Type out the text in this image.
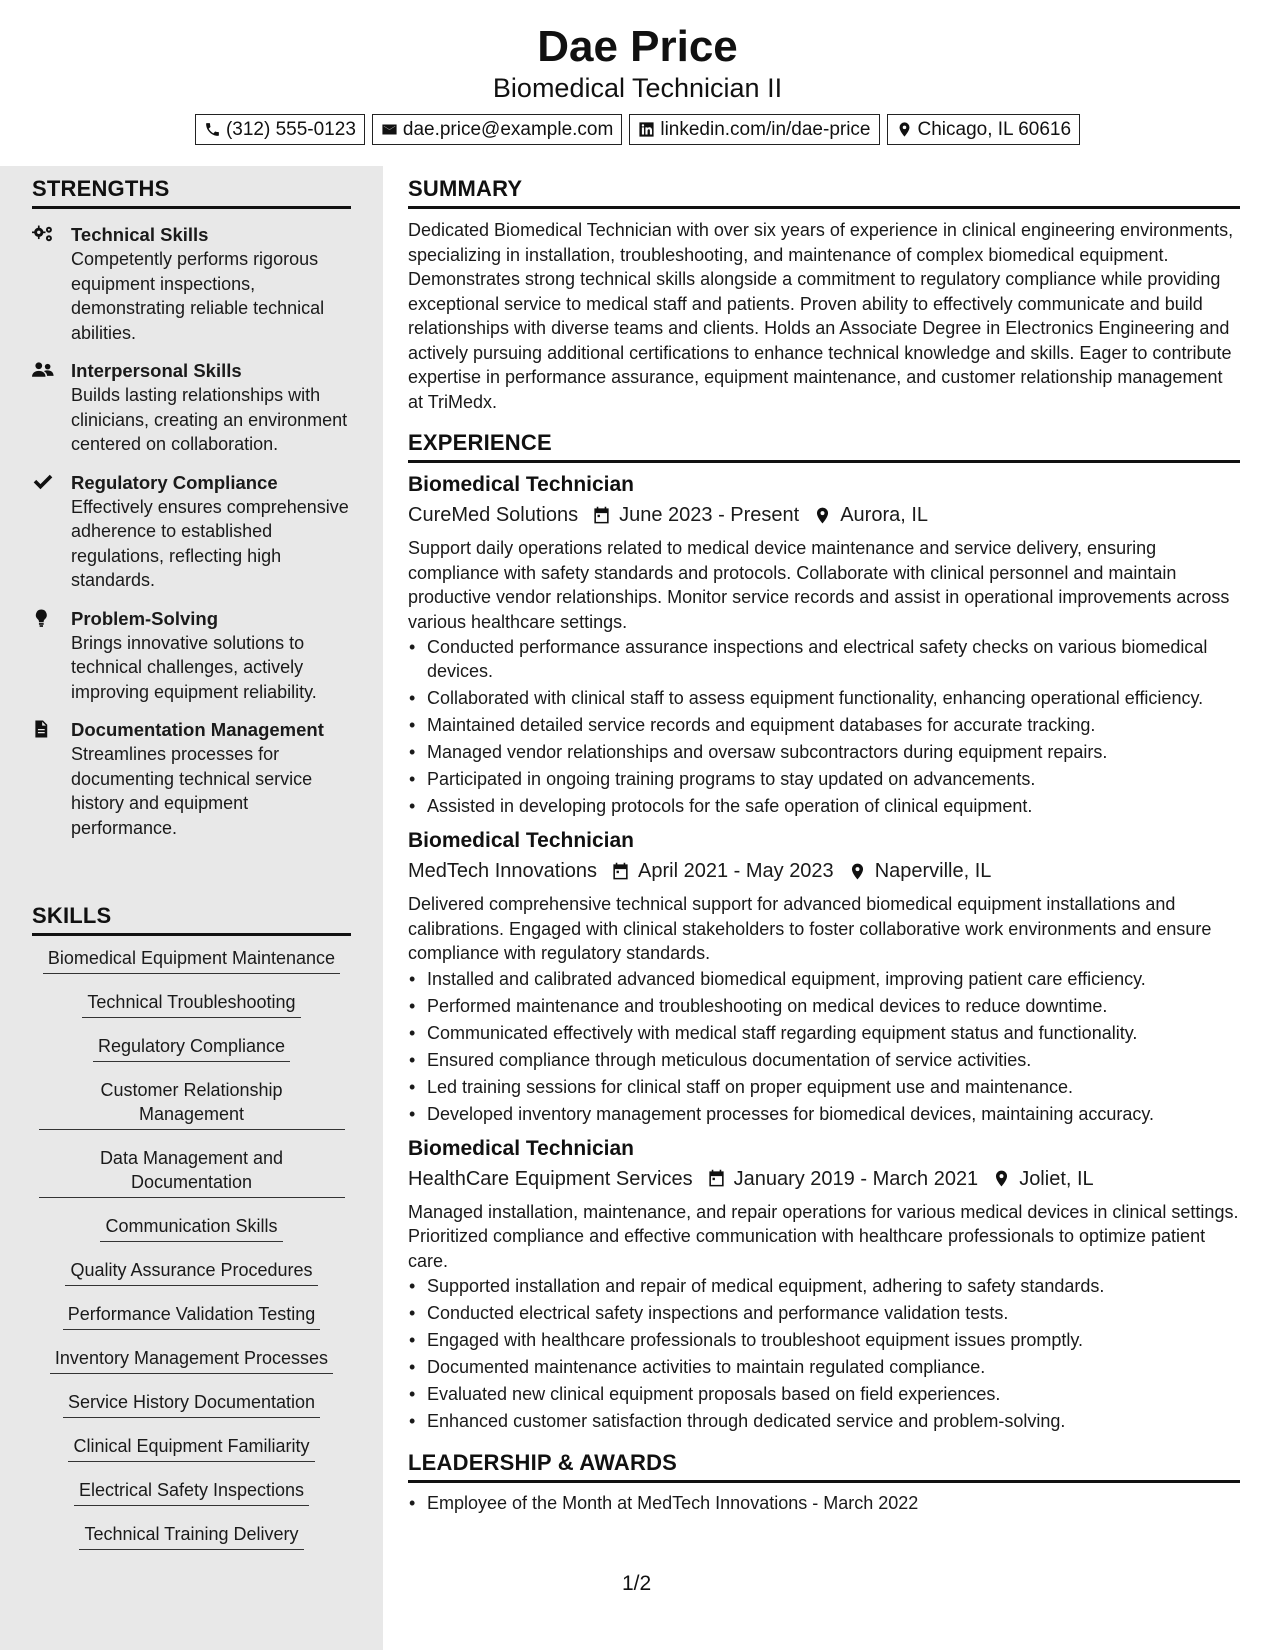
Dae Price
Biomedical Technician II
(312) 555-0123 dae.price@example.com linkedin.com/in/dae-price Chicago, IL 60616
STRENGTHS
Technical Skills
Competently performs rigorous equipment inspections, demonstrating reliable technical abilities.
Interpersonal Skills
Builds lasting relationships with clinicians, creating an environment centered on collaboration.
Regulatory Compliance
Effectively ensures comprehensive adherence to established regulations, reflecting high standards.
Problem-Solving
Brings innovative solutions to technical challenges, actively improving equipment reliability.
Documentation Management
Streamlines processes for documenting technical service history and equipment performance.
SKILLS
Biomedical Equipment Maintenance
Technical Troubleshooting
Regulatory Compliance
Customer Relationship Management
Data Management and Documentation
Communication Skills
Quality Assurance Procedures
Performance Validation Testing
Inventory Management Processes
Service History Documentation
Clinical Equipment Familiarity
Electrical Safety Inspections
Technical Training Delivery
SUMMARY
Dedicated Biomedical Technician with over six years of experience in clinical engineering environments, specializing in installation, troubleshooting, and maintenance of complex biomedical equipment. Demonstrates strong technical skills alongside a commitment to regulatory compliance while providing exceptional service to medical staff and patients. Proven ability to effectively communicate and build relationships with diverse teams and clients. Holds an Associate Degree in Electronics Engineering and actively pursuing additional certifications to enhance technical knowledge and skills. Eager to contribute expertise in performance assurance, equipment maintenance, and customer relationship management at TriMedx.
EXPERIENCE
Biomedical Technician
CureMed Solutions June 2023 - Present Aurora, IL
Support daily operations related to medical device maintenance and service delivery, ensuring compliance with safety standards and protocols. Collaborate with clinical personnel and maintain productive vendor relationships. Monitor service records and assist in operational improvements across various healthcare settings.
• Conducted performance assurance inspections and electrical safety checks on various biomedical devices.
• Collaborated with clinical staff to assess equipment functionality, enhancing operational efficiency.
• Maintained detailed service records and equipment databases for accurate tracking.
• Managed vendor relationships and oversaw subcontractors during equipment repairs.
• Participated in ongoing training programs to stay updated on advancements.
• Assisted in developing protocols for the safe operation of clinical equipment.
Biomedical Technician
MedTech Innovations April 2021 - May 2023 Naperville, IL
Delivered comprehensive technical support for advanced biomedical equipment installations and calibrations. Engaged with clinical stakeholders to foster collaborative work environments and ensure compliance with regulatory standards.
• Installed and calibrated advanced biomedical equipment, improving patient care efficiency.
• Performed maintenance and troubleshooting on medical devices to reduce downtime.
• Communicated effectively with medical staff regarding equipment status and functionality.
• Ensured compliance through meticulous documentation of service activities.
• Led training sessions for clinical staff on proper equipment use and maintenance.
• Developed inventory management processes for biomedical devices, maintaining accuracy.
Biomedical Technician
HealthCare Equipment Services January 2019 - March 2021 Joliet, IL
Managed installation, maintenance, and repair operations for various medical devices in clinical settings. Prioritized compliance and effective communication with healthcare professionals to optimize patient care.
• Supported installation and repair of medical equipment, adhering to safety standards.
• Conducted electrical safety inspections and performance validation tests.
• Engaged with healthcare professionals to troubleshoot equipment issues promptly.
• Documented maintenance activities to maintain regulated compliance.
• Evaluated new clinical equipment proposals based on field experiences.
• Enhanced customer satisfaction through dedicated service and problem-solving.
LEADERSHIP & AWARDS
• Employee of the Month at MedTech Innovations - March 2022
1/2
